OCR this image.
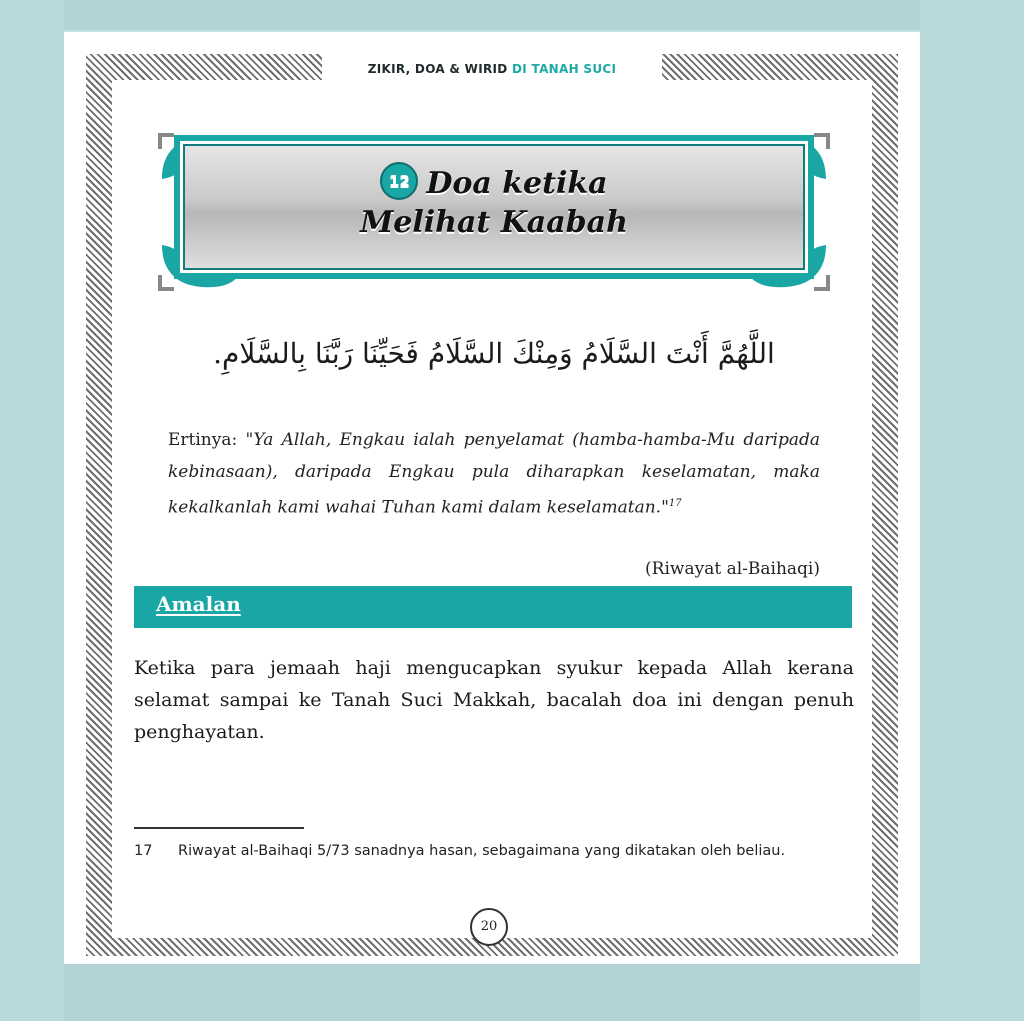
ZIKIR, DOA & WIRID DI TANAH SUCI
12 Doa ketika
Melihat Kaabah
اللَّهُمَّ أَنْتَ السَّلَامُ وَمِنْكَ السَّلَامُ فَحَيِّنَا رَبَّنَا بِالسَّلَامِ.
Ertinya: "Ya Allah, Engkau ialah penyelamat (hamba-hamba-Mu daripada kebinasaan), daripada Engkau pula diharapkan keselamatan, maka kekalkanlah kami wahai Tuhan kami dalam keselamatan."$^{17}$
(Riwayat al-Baihaqi)
Amalan
Ketika para jemaah haji mengucapkan syukur kepada Allah kerana selamat sampai ke Tanah Suci Makkah, bacalah doa ini dengan penuh penghayatan.
17 Riwayat al-Baihaqi 5/73 sanadnya hasan, sebagaimana yang dikatakan oleh beliau.
20
